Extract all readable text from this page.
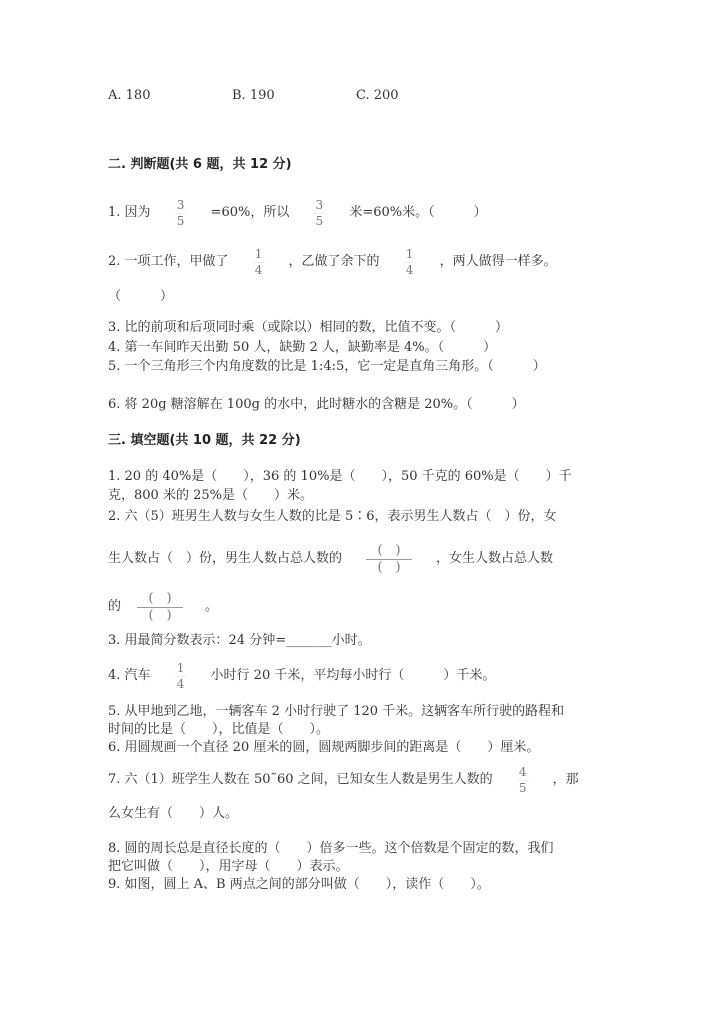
A. 180	B. 190	C. 200
二. 判断题(共 6 题，共 12 分)
1. 因为
3
5
=60%，所以
3
5
米=60%米。（　　　）
2. 一项工作，甲做了
1
4
，乙做了余下的
1
4
，两人做得一样多。
（　　　）
3. 比的前项和后项同时乘（或除以）相同的数，比值不变。（　　　）
4. 第一车间昨天出勤 50 人，缺勤 2 人，缺勤率是 4%。（　　　）
5. 一个三角形三个内角度数的比是 1:4:5，它一定是直角三角形。（　　　）
6. 将 20g 糖溶解在 100g 的水中，此时糖水的含糖是 20%。（　　　）
三. 填空题(共 10 题，共 22 分)
1. 20 的 40%是（　　），36 的 10%是（　　），50 千克的 60%是（　　）千
克，800 米的 25%是（　　）米。
2. 六（5）班男生人数与女生人数的比是 5∶6，表示男生人数占（　）份，女
生人数占（　）份，男生人数占总人数的
(　)
(　)
，女生人数占总人数
的
(　)
(　)
。
3. 用最简分数表示：24 分钟=_______小时。
4. 汽车
1
4
小时行 20 千米，平均每小时行（　　　）千米。
5. 从甲地到乙地，一辆客车 2 小时行驶了 120 千米。这辆客车所行驶的路程和
时间的比是（　　），比值是（　　）。
6. 用圆规画一个直径 20 厘米的圆，圆规两脚步间的距离是（　　）厘米。
7. 六（1）班学生人数在 50˜60 之间，已知女生人数是男生人数的
4
5
，那
么女生有（　　）人。
8. 圆的周长总是直径长度的（　　）倍多一些。这个倍数是个固定的数，我们
把它叫做（　　），用字母（　　）表示。
9. 如图，圆上 A、B 两点之间的部分叫做（　　），读作（　　）。
